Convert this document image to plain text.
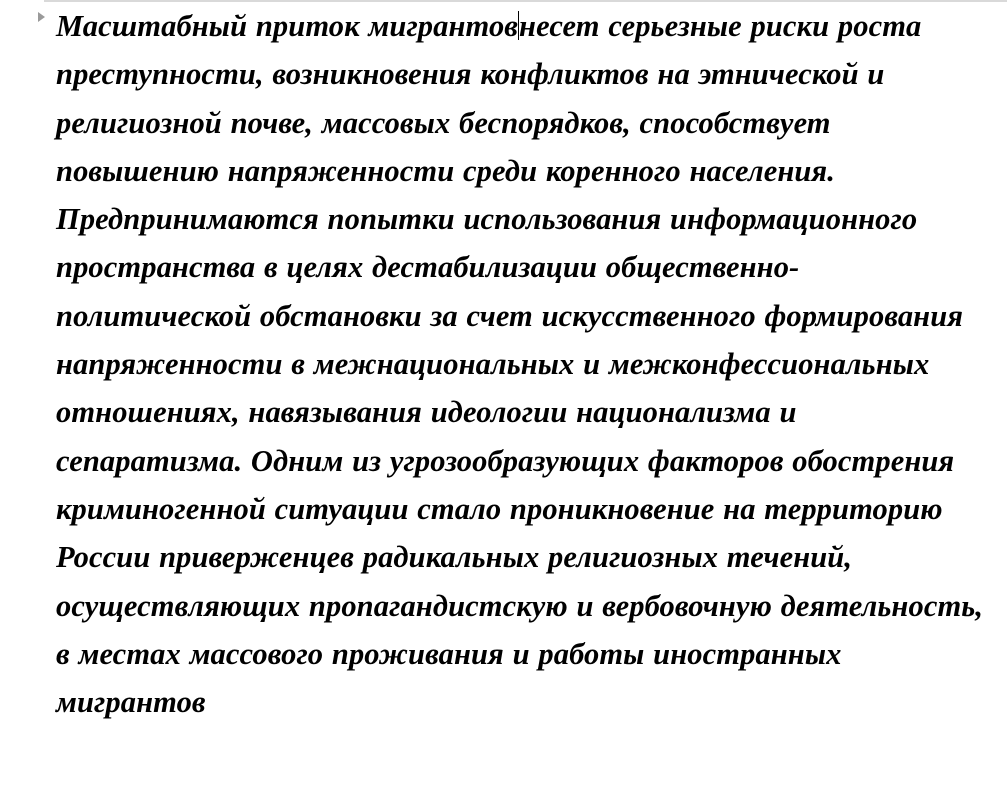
Масштабный приток мигрантовнесет серьезные риски роста преступности, возникновения конфликтов на этнической и религиозной почве, массовых беспорядков, способствует повышению напряженности среди коренного населения. Предпринимаются попытки использования информационного пространства в целях дестабилизации общественно-политической обстановки за счет искусственного формирования напряженности в межнациональных и межконфессиональных отношениях, навязывания идеологии национализма и сепаратизма. Одним из угрозообразующих факторов обострения криминогенной ситуации стало проникновение на территорию России приверженцев радикальных религиозных течений, осуществляющих пропагандистскую и вербовочную деятельность, в местах массового проживания и работы иностранных мигрантов
